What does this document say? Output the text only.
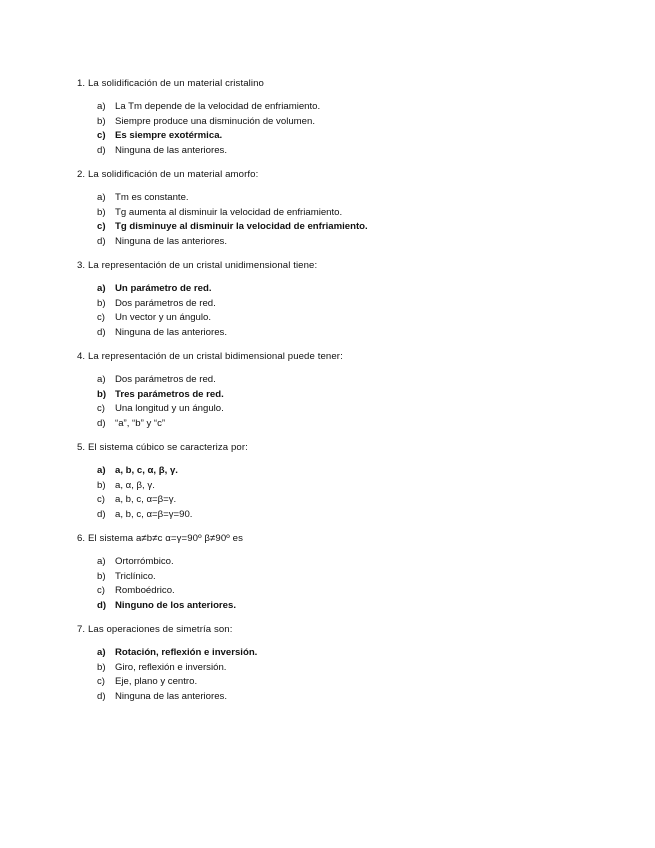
1. La solidificación de un material cristalino
a) La Tm depende de la velocidad de enfriamiento.
b) Siempre produce una disminución de volumen.
c) Es siempre exotérmica.
d) Ninguna de las anteriores.
2. La solidificación de un material amorfo:
a) Tm es constante.
b) Tg aumenta al disminuir la velocidad de enfriamiento.
c) Tg disminuye al disminuir la velocidad de enfriamiento.
d) Ninguna de las anteriores.
3. La representación de un cristal unidimensional tiene:
a) Un parámetro de red.
b) Dos parámetros de red.
c) Un vector y un ángulo.
d) Ninguna de las anteriores.
4. La representación de un cristal bidimensional puede tener:
a) Dos parámetros de red.
b) Tres parámetros de red.
c) Una longitud y un ángulo.
d) “a”, “b” y “c”
5. El sistema cúbico se caracteriza por:
a) a, b, c, α, β, γ.
b) a, α, β, γ.
c) a, b, c, α=β=γ.
d) a, b, c, α=β=γ=90.
6. El sistema a≠b≠c α=γ=90º β≠90º es
a) Ortorrómbico.
b) Triclínico.
c) Romboédrico.
d) Ninguno de los anteriores.
7. Las operaciones de simetría son:
a) Rotación, reflexión e inversión.
b) Giro, reflexión e inversión.
c) Eje, plano y centro.
d) Ninguna de las anteriores.
